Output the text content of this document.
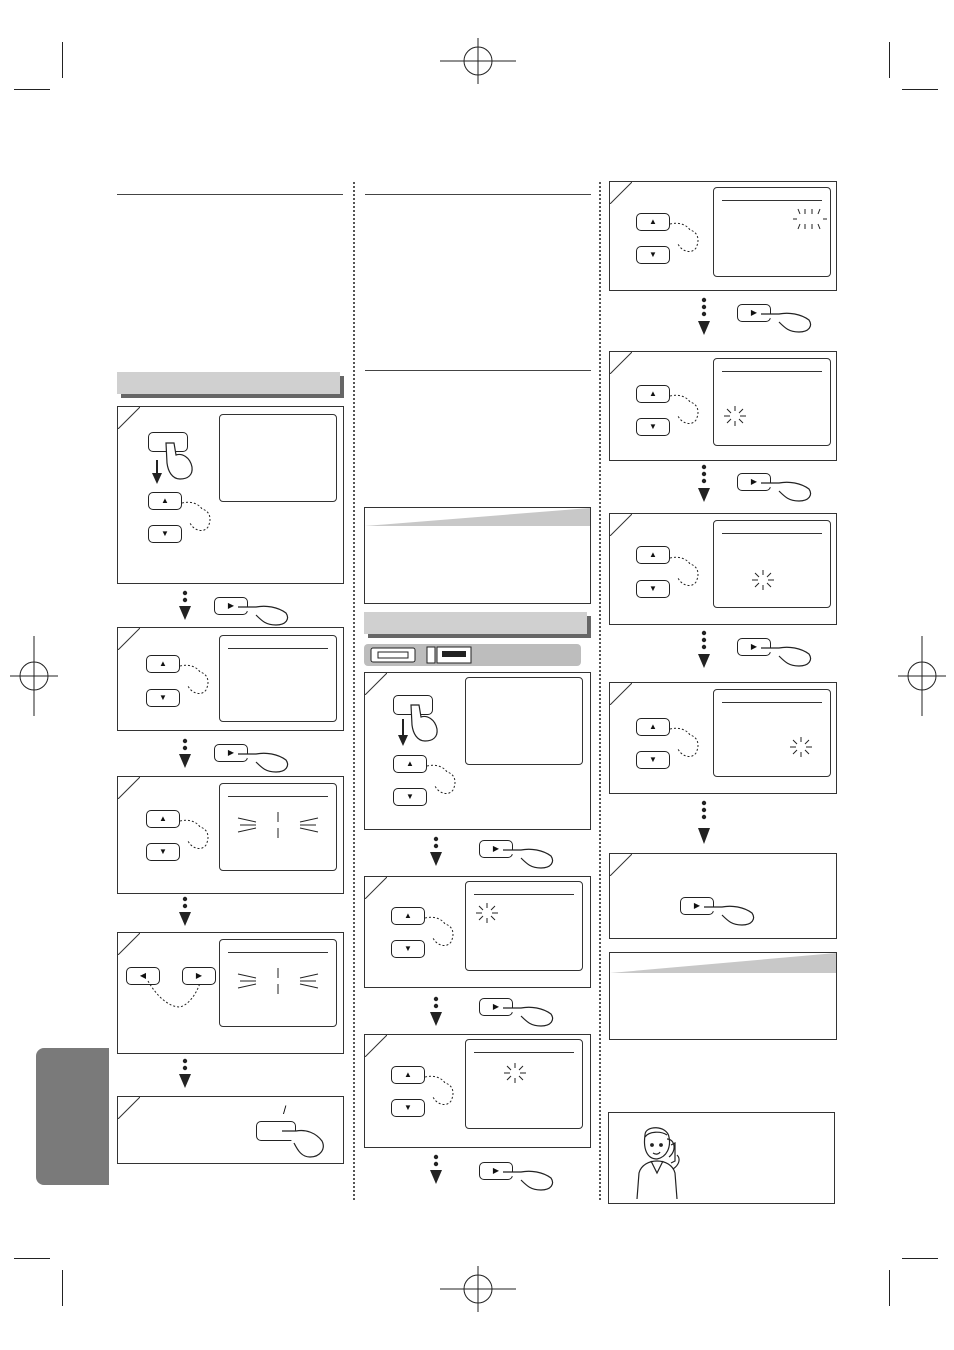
▲
▼
▶
▲
▼
▶
▲
▼
◀	▶
/
▲
▼
▶
▲
▼
▶
▲
▼
▶
▲
▼
▶
▲
▼
▶
▲
▼
▶
▲
▼
▶
